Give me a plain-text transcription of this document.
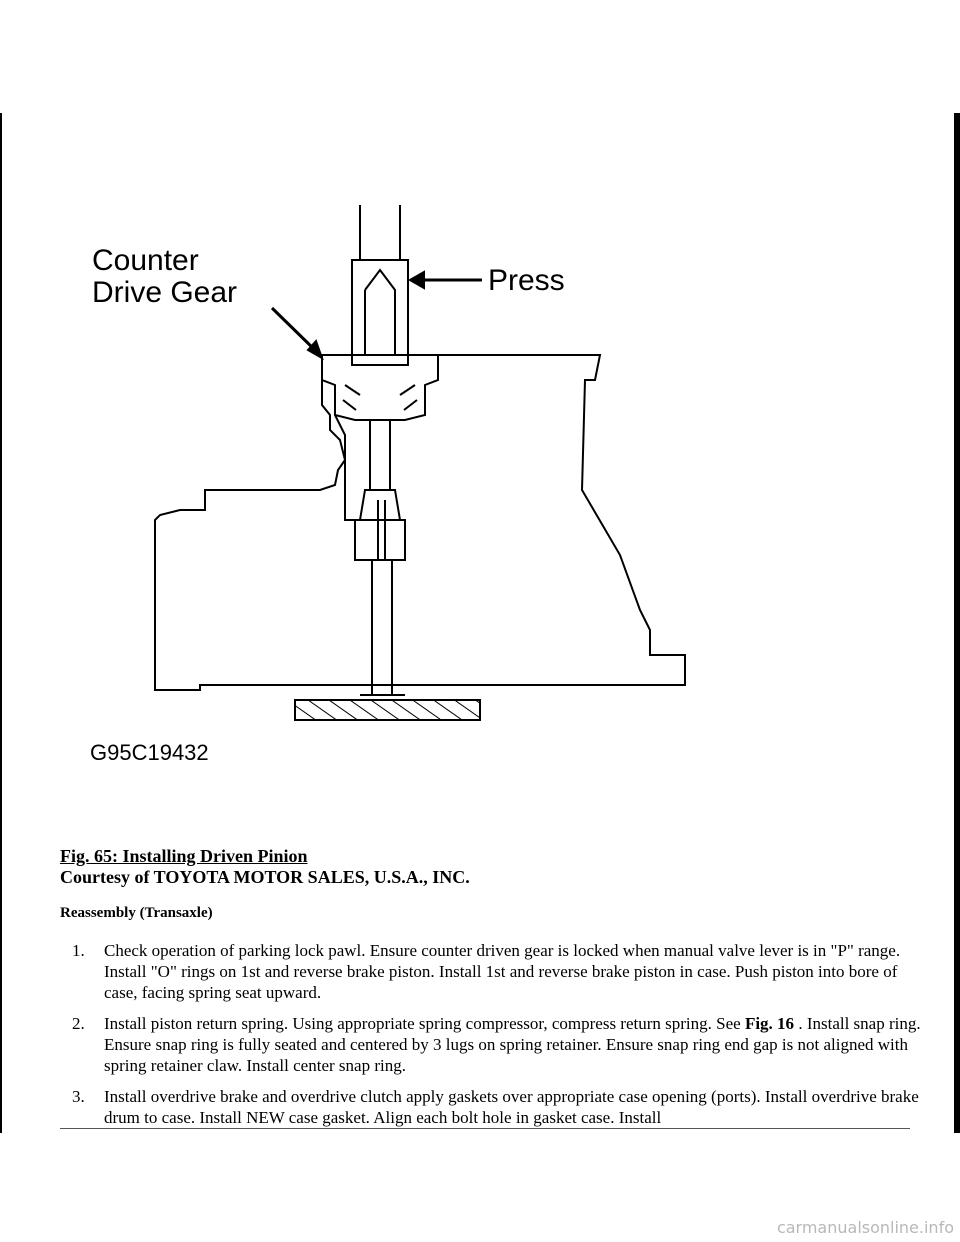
Counter
Drive Gear	Press
G95C19432
Fig. 65: Installing Driven Pinion
Courtesy of TOYOTA MOTOR SALES, U.S.A., INC.
Reassembly (Transaxle)
1. Check operation of parking lock pawl. Ensure counter driven gear is locked when manual valve lever is in "P" range. Install "O" rings on 1st and reverse brake piston. Install 1st and reverse brake piston in case. Push piston into bore of case, facing spring seat upward.
2. Install piston return spring. Using appropriate spring compressor, compress return spring. See Fig. 16 . Install snap ring. Ensure snap ring is fully seated and centered by 3 lugs on spring retainer. Ensure snap ring end gap is not aligned with spring retainer claw. Install center snap ring.
3. Install overdrive brake and overdrive clutch apply gaskets over appropriate case opening (ports). Install overdrive brake drum to case. Install NEW case gasket. Align each bolt hole in gasket case. Install
carmanualsonline.info
